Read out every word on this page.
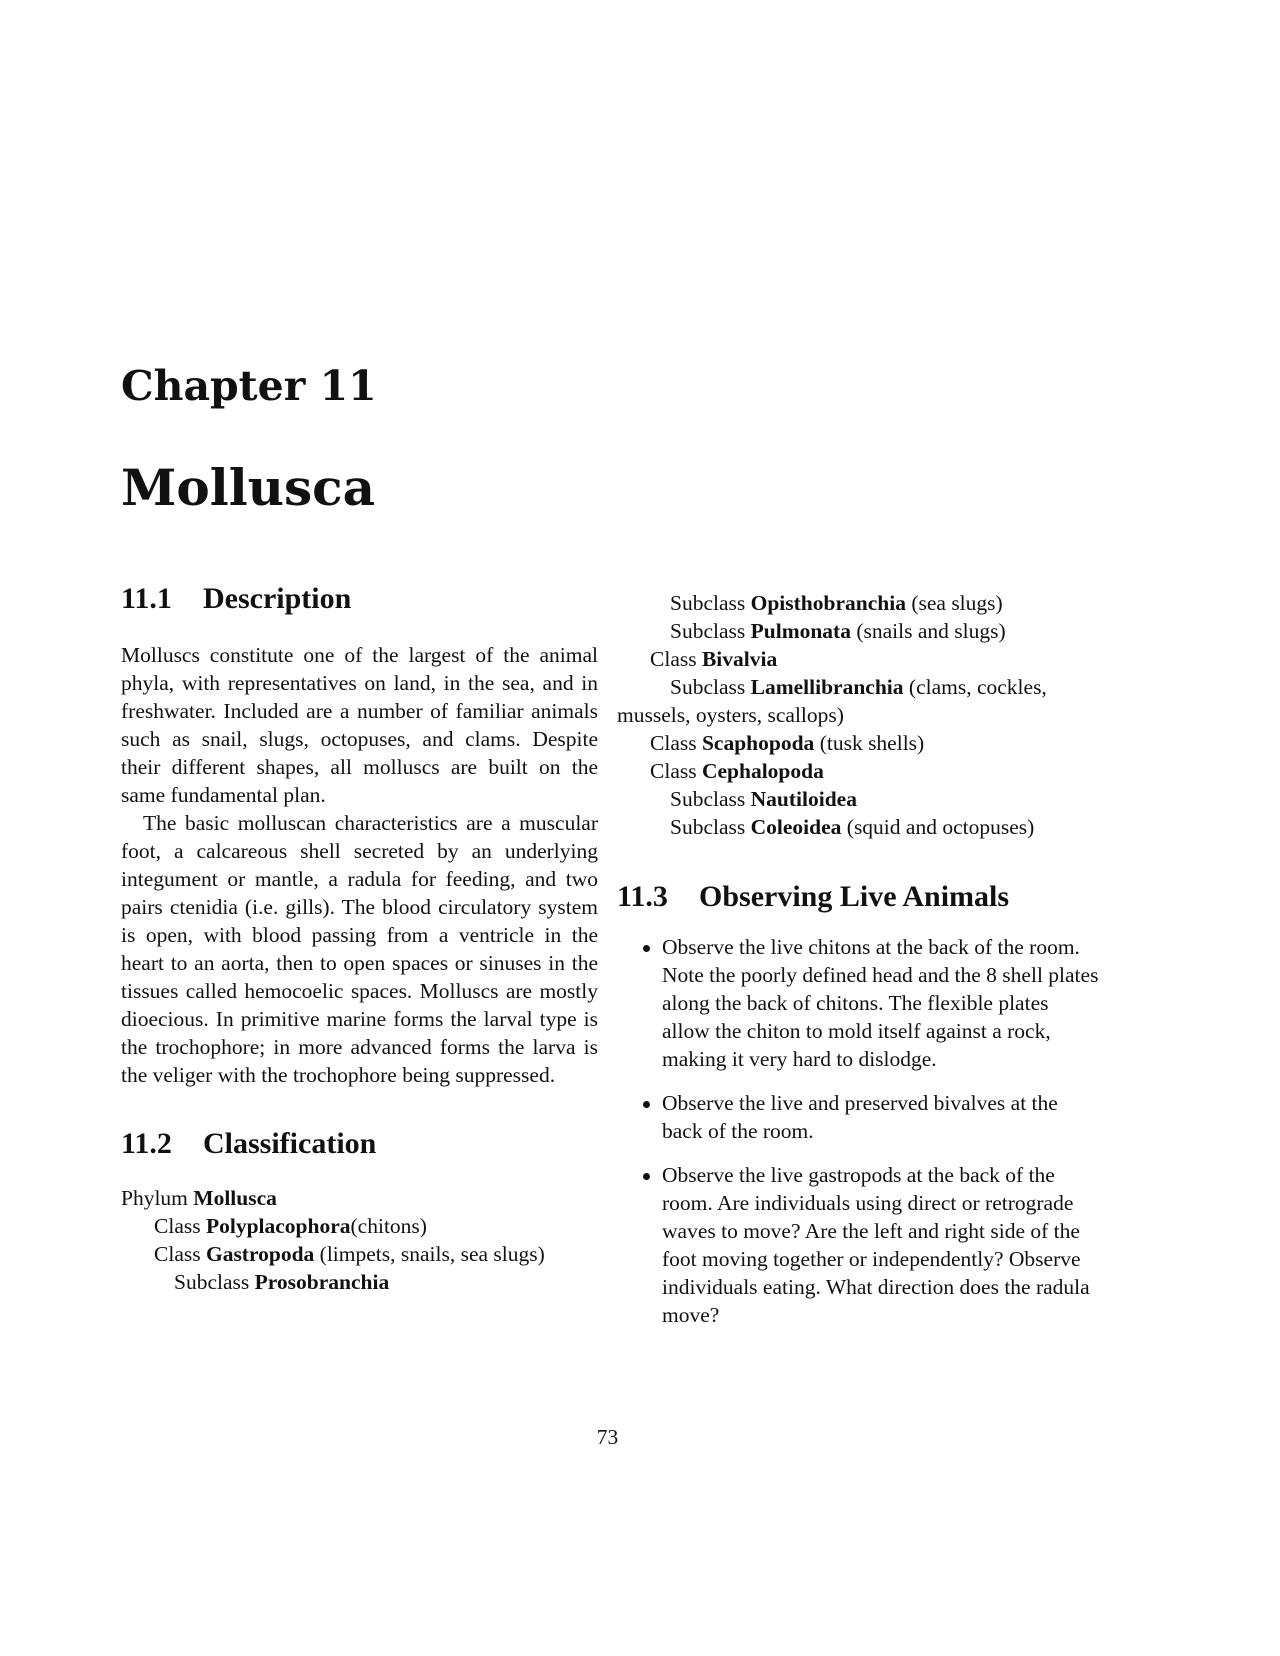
Chapter 11
Mollusca
11.1 Description

Molluscs constitute one of the largest of the animal phyla, with representatives on land, in the sea, and in freshwater. Included are a number of familiar animals such as snail, slugs, octopuses, and clams. Despite their different shapes, all molluscs are built on the same fundamental plan.

The basic molluscan characteristics are a muscular foot, a calcareous shell secreted by an underlying integument or mantle, a radula for feeding, and two pairs ctenidia (i.e. gills). The blood circulatory system is open, with blood passing from a ventricle in the heart to an aorta, then to open spaces or sinuses in the tissues called hemocoelic spaces. Molluscs are mostly dioecious. In primitive marine forms the larval type is the trochophore; in more advanced forms the larva is the veliger with the trochophore being suppressed.

11.2 Classification
Phylum Mollusca
Class Polyplacophora(chitons)
Class Gastropoda (limpets, snails, sea slugs)
Subclass Prosobranchia
Subclass Opisthobranchia (sea slugs)
Subclass Pulmonata (snails and slugs)
Class Bivalvia
Subclass Lamellibranchia (clams, cockles,
mussels, oysters, scallops)
Class Scaphopoda (tusk shells)
Class Cephalopoda
Subclass Nautiloidea
Subclass Coleoidea (squid and octopuses)
11.3 Observing Live Animals
Observe the live chitons at the back of the room. Note the poorly defined head and the 8 shell plates along the back of chitons. The flexible plates allow the chiton to mold itself against a rock, making it very hard to dislodge.
Observe the live and preserved bivalves at the back of the room.
Observe the live gastropods at the back of the room. Are individuals using direct or retrograde waves to move? Are the left and right side of the foot moving together or independently? Observe individuals eating. What direction does the radula move?
73
